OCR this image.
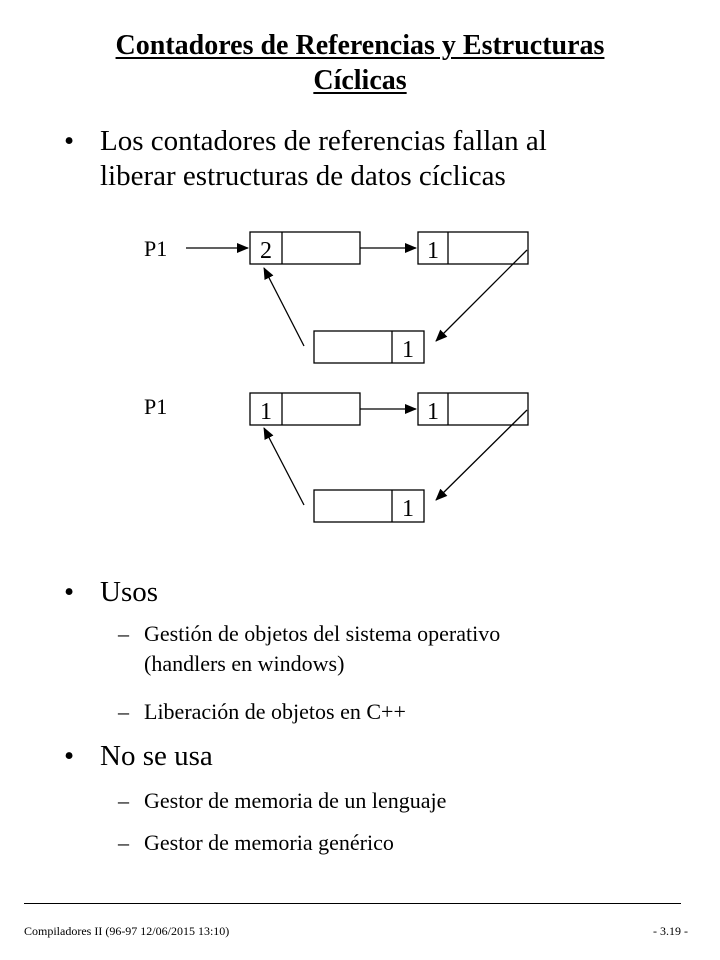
Contadores de Referencias y Estructuras
Cíclicas
• Los contadores de referencias fallan al
liberar estructuras de datos cíclicas
P1	2	1
1
P1	1	1
1
• Usos
– Gestión de objetos del sistema operativo
(handlers en windows)
– Liberación de objetos en C++
• No se usa
– Gestor de memoria de un lenguaje
– Gestor de memoria genérico
Compiladores II (96-97 12/06/2015 13:10)	- 3.19 -
